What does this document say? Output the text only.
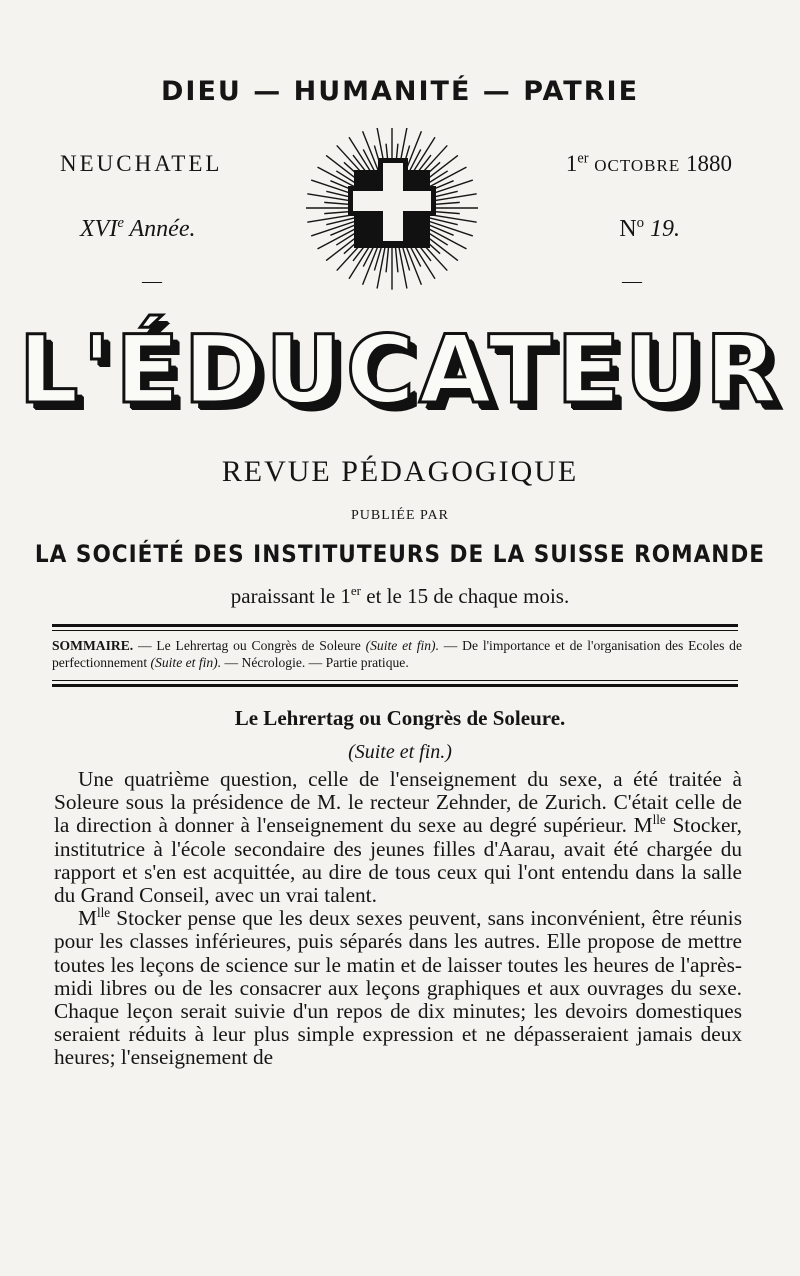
DIEU — HUMANITÉ — PATRIE
NEUCHATEL	1er OCTOBRE 1880
XVIe Année.	$N^o$ 19.
—	—
L'ÉDUCATEUR
REVUE PÉDAGOGIQUE
PUBLIÉE PAR
LA SOCIÉTÉ DES INSTITUTEURS DE LA SUISSE ROMANDE
paraissant le 1er et le 15 de chaque mois.
SOMMAIRE. — Le Lehrertag ou Congrès de Soleure (Suite et fin). — De l'importance et de l'organisation des Ecoles de perfectionnement (Suite et fin). — Nécrologie. — Partie pratique.
Le Lehrertag ou Congrès de Soleure.
(Suite et fin.)

Une quatrième question, celle de l'enseignement du sexe, a été traitée à Soleure sous la présidence de M. le recteur Zehnder, de Zurich. C'était celle de la direction à donner à l'enseignement du sexe au degré supérieur. $M^{lle}$ Stocker, institutrice à l'école secondaire des jeunes filles d'Aarau, avait été chargée du rapport et s'en est acquittée, au dire de tous ceux qui l'ont entendu dans la salle du Grand Conseil, avec un vrai talent.

$M^{lle}$ Stocker pense que les deux sexes peuvent, sans inconvénient, être réunis pour les classes inférieures, puis séparés dans les autres. Elle propose de mettre toutes les leçons de science sur le matin et de laisser toutes les heures de l'après-midi libres ou de les consacrer aux leçons graphiques et aux ouvrages du sexe. Chaque leçon serait suivie d'un repos de dix minutes; les devoirs domestiques seraient réduits à leur plus simple expression et ne dépasseraient jamais deux heures; l'enseignement de
